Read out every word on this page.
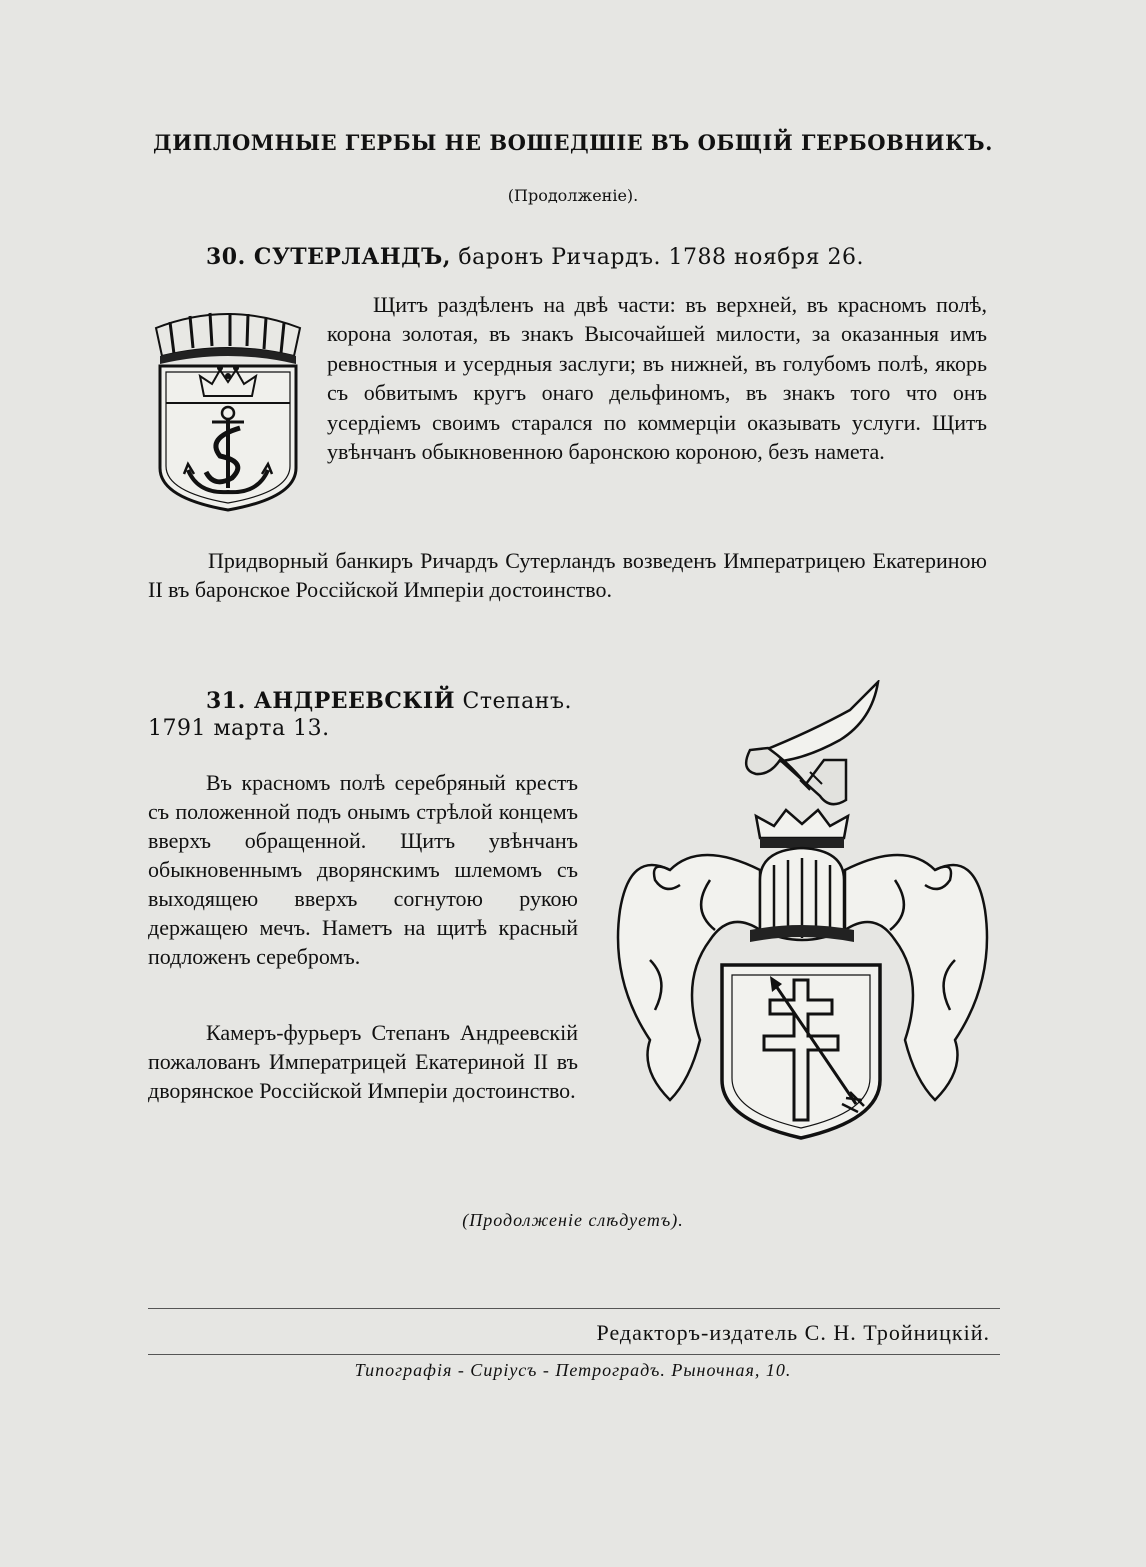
ДИПЛОМНЫЕ ГЕРБЫ НЕ ВОШЕДШІЕ ВЪ ОБЩІЙ ГЕРБОВНИКЪ.
(Продолженіе).
30. СУТЕРЛАНДЪ, баронъ Ричардъ. 1788 ноября 26.
Щитъ раздѣленъ на двѣ части: въ верхней, въ красномъ полѣ, корона золотая, въ знакъ Высочайшей милости, за оказанныя имъ ревностныя и усердныя заслуги; въ нижней, въ голубомъ полѣ, якорь съ обвитымъ кругъ онаго дельфиномъ, въ знакъ того что онъ усердіемъ своимъ старался по коммерціи оказывать услуги. Щитъ увѣнчанъ обыкновенною баронскою короною, безъ намета.
Придворный банкиръ Ричардъ Сутерландъ возведенъ Императрицею Екатериною II въ баронское Россійской Имперіи достоинство.
31. АНДРЕЕВСКІЙ Степанъ.
1791 марта 13.
Въ красномъ полѣ серебряный крестъ съ положенной подъ онымъ стрѣлой концемъ вверхъ обращенной. Щитъ увѣнчанъ обыкновеннымъ дворянскимъ шлемомъ съ выходящею вверхъ согнутою рукою держащею мечъ. Наметъ на щитѣ красный подложенъ серебромъ.
Камеръ-фурьеръ Степанъ Андреевскій пожалованъ Императрицей Екатериной II въ дворянское Россійской Имперіи достоинство.
(Продолженіе слѣдуетъ).
Редакторъ-издатель С. Н. Тройницкій.
Типографія - Сиріусъ - Петроградъ. Рыночная, 10.
